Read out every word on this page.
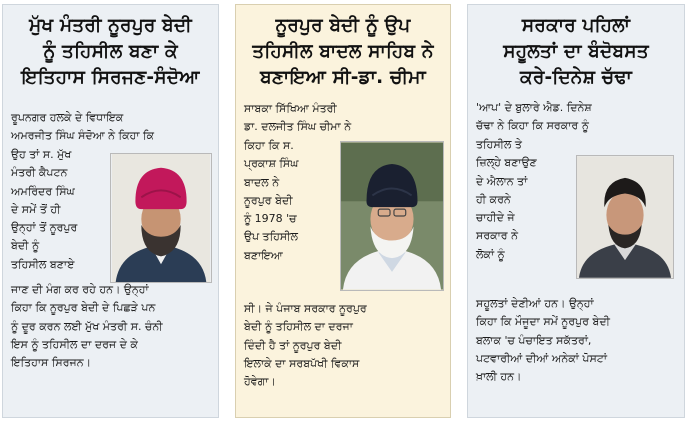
ਮੁੱਖ ਮੰਤਰੀ ਨੂਰਪੁਰ ਬੇਦੀ
ਨੂੰ ਤਹਿਸੀਲ ਬਣਾ ਕੇ
ਇਤਿਹਾਸ ਸਿਰਜਣ-ਸੰਦੋਆ
ਰੂਪਨਗਰ ਹਲਕੇ ਦੇ ਵਿਧਾਇਕ
ਅਮਰਜੀਤ ਸਿੰਘ ਸੰਦੋਆ ਨੇ ਕਿਹਾ ਕਿ
ਉਹ ਤਾਂ ਸ. ਮੁੱਖ
ਮੰਤਰੀ ਕੈਪਟਨ
ਅਮਰਿੰਦਰ ਸਿੰਘ
ਦੇ ਸਮੇਂ ਤੋਂ ਹੀ
ਉਨ੍ਹਾਂ ਤੋਂ ਨੂਰਪੁਰ
ਬੇਦੀ ਨੂੰ
ਤਹਿਸੀਲ ਬਣਾਏ
ਜਾਣ ਦੀ ਮੰਗ ਕਰ ਰਹੇ ਹਨ। ਉਨ੍ਹਾਂ
ਕਿਹਾ ਕਿ ਨੂਰਪੁਰ ਬੇਦੀ ਦੇ ਪਿਛੜੇ ਪਨ
ਨੂੰ ਦੂਰ ਕਰਨ ਲਈ ਮੁੱਖ ਮੰਤਰੀ ਸ. ਚੰਨੀ
ਇਸ ਨੂੰ ਤਹਿਸੀਲ ਦਾ ਦਰਜ ਦੇ ਕੇ
ਇਤਿਹਾਸ ਸਿਰਜਨ।
ਨੂਰਪੁਰ ਬੇਦੀ ਨੂੰ ਉਪ
ਤਹਿਸੀਲ ਬਾਦਲ ਸਾਹਿਬ ਨੇ
ਬਣਾਇਆ ਸੀ-ਡਾ. ਚੀਮਾ
ਸਾਬਕਾ ਸਿੱਖਿਆ ਮੰਤਰੀ
ਡਾ. ਦਲਜੀਤ ਸਿੰਘ ਚੀਮਾ ਨੇ
ਕਿਹਾ ਕਿ ਸ.
ਪ੍ਰਕਾਸ਼ ਸਿੰਘ
ਬਾਦਲ ਨੇ
ਨੂਰਪੁਰ ਬੇਦੀ
ਨੂੰ 1978 'ਚ
ਉਪ ਤਹਿਸੀਲ
ਬਣਾਇਆ
ਸੀ। ਜੇ ਪੰਜਾਬ ਸਰਕਾਰ ਨੂਰਪੁਰ
ਬੇਦੀ ਨੂੰ ਤਹਿਸੀਲ ਦਾ ਦਰਜਾ
ਦਿੰਦੀ ਹੈ ਤਾਂ ਨੂਰਪੁਰ ਬੇਦੀ
ਇਲਾਕੇ ਦਾ ਸਰਬਪੱਖੀ ਵਿਕਾਸ
ਹੋਵੇਗਾ।
ਸਰਕਾਰ ਪਹਿਲਾਂ
ਸਹੂਲਤਾਂ ਦਾ ਬੰਦੋਬਸਤ
ਕਰੇ-ਦਿਨੇਸ਼ ਚੱਢਾ
'ਆਪ' ਦੇ ਬੁਲਾਰੇ ਐਡ. ਦਿਨੇਸ਼
ਚੱਢਾ ਨੇ ਕਿਹਾ ਕਿ ਸਰਕਾਰ ਨੂੰ
ਤਹਿਸੀਲ ਤੇ
ਜ਼ਿਲ੍ਹੇ ਬਣਾਉਣ
ਦੇ ਐਲਾਨ ਤਾਂ
ਹੀ ਕਰਨੇ
ਚਾਹੀਦੇ ਜੇ
ਸਰਕਾਰ ਨੇ
ਲੋਕਾਂ ਨੂੰ
ਸਹੂਲਤਾਂ ਦੇਣੀਆਂ ਹਨ। ਉਨ੍ਹਾਂ
ਕਿਹਾ ਕਿ ਮੌਜੂਦਾ ਸਮੇਂ ਨੂਰਪੁਰ ਬੇਦੀ
ਬਲਾਕ 'ਚ ਪੰਚਾਇਤ ਸਕੱਤਰਾਂ,
ਪਟਵਾਰੀਆਂ ਦੀਆਂ ਅਨੇਕਾਂ ਪੋਸਟਾਂ
ਖ਼ਾਲੀ ਹਨ।
